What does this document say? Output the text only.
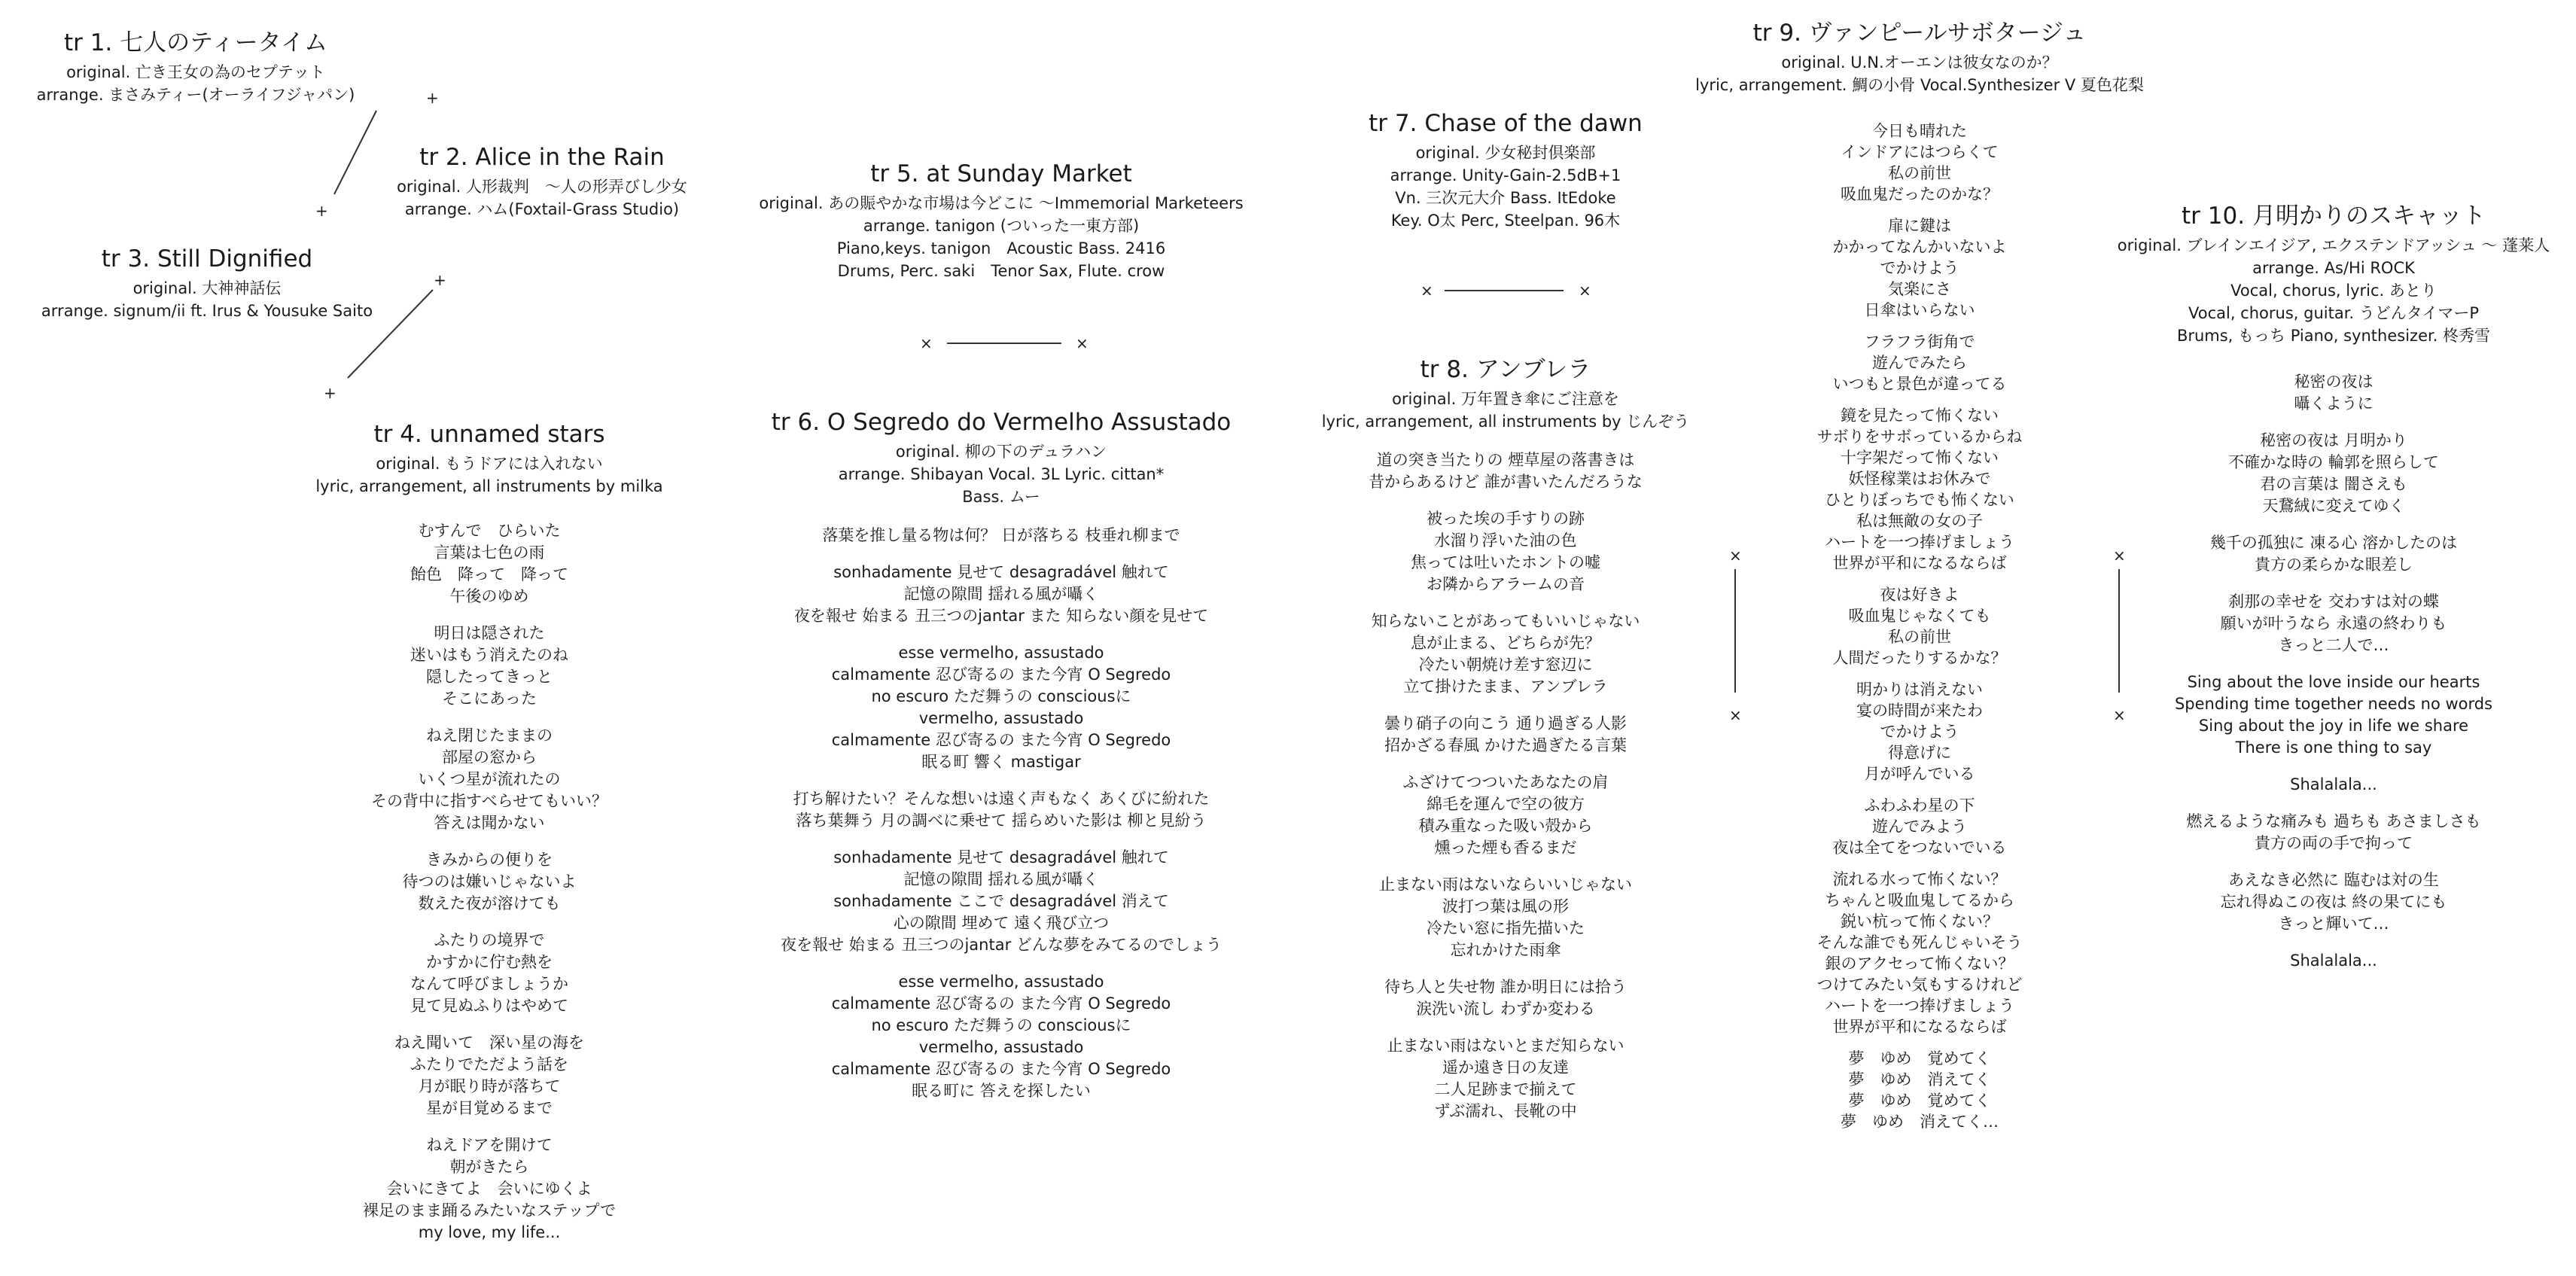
+
+
+
+
×	×
×	×
×
×
×
×
tr 1. 七人のティータイム
original. 亡き王女の為のセプテット
arrange. まさみティー(オーライフジャパン)
tr 2. Alice in the Rain
original. 人形裁判　～人の形弄びし少女
arrange. ハム(Foxtail-Grass Studio)
tr 3. Still Dignified
original. 大神神話伝
arrange. signum/ii ft. Irus & Yousuke Saito
tr 4. unnamed stars
original. もうドアには入れない
lyric, arrangement, all instruments by milka
むすんで　ひらいた
言葉は七色の雨
飴色　降って　降って
午後のゆめ
明日は隠された
迷いはもう消えたのね
隠したってきっと
そこにあった
ねえ閉じたままの
部屋の窓から
いくつ星が流れたの
その背中に指すべらせてもいい？
答えは聞かない
きみからの便りを
待つのは嫌いじゃないよ
数えた夜が溶けても
ふたりの境界で
かすかに佇む熱を
なんて呼びましょうか
見て見ぬふりはやめて
ねえ聞いて　深い星の海を
ふたりでただよう話を
月が眠り時が落ちて
星が目覚めるまで
ねえドアを開けて
朝がきたら
会いにきてよ　会いにゆくよ
裸足のまま踊るみたいなステップで
my love, my life...
tr 5. at Sunday Market
original. あの賑やかな市場は今どこに ～Immemorial Marketeers
arrange. tanigon (ついった一東方部)
Piano,keys. tanigon　Acoustic Bass. 2416
Drums, Perc. saki　Tenor Sax, Flute. crow
tr 6. O Segredo do Vermelho Assustado
original. 柳の下のデュラハン
arrange. Shibayan Vocal. 3L Lyric. cittan*
Bass. ムー
落葉を推し量る物は何？ 日が落ちる 枝垂れ柳まで
sonhadamente 見せて desagradável 触れて
記憶の隙間 揺れる風が囁く
夜を報せ 始まる 丑三つのjantar また 知らない顔を見せて
esse vermelho, assustado
calmamente 忍び寄るの また今宵 O Segredo
no escuro ただ舞うの consciousに
vermelho, assustado
calmamente 忍び寄るの また今宵 O Segredo
眠る町 響く mastigar
打ち解けたい？そんな想いは遠く声もなく あくびに紛れた
落ち葉舞う 月の調べに乗せて 揺らめいた影は 柳と見紛う
sonhadamente 見せて desagradável 触れて
記憶の隙間 揺れる風が囁く
sonhadamente ここで desagradável 消えて
心の隙間 埋めて 遠く飛び立つ
夜を報せ 始まる 丑三つのjantar どんな夢をみてるのでしょう
esse vermelho, assustado
calmamente 忍び寄るの また今宵 O Segredo
no escuro ただ舞うの consciousに
vermelho, assustado
calmamente 忍び寄るの また今宵 O Segredo
眠る町に 答えを探したい
tr 7. Chase of the dawn
original. 少女秘封倶楽部
arrange. Unity-Gain-2.5dB+1
Vn. 三次元大介 Bass. ItEdoke
Key. O太 Perc, Steelpan. 96木
tr 8. アンブレラ
original. 万年置き傘にご注意を
lyric, arrangement, all instruments by じんぞう
道の突き当たりの 煙草屋の落書きは
昔からあるけど 誰が書いたんだろうな
被った埃の手すりの跡
水溜り浮いた油の色
焦っては吐いたホントの嘘
お隣からアラームの音
知らないことがあってもいいじゃない
息が止まる、どちらが先？
冷たい朝焼け差す窓辺に
立て掛けたまま、アンブレラ
曇り硝子の向こう 通り過ぎる人影
招かざる春風 かけた過ぎたる言葉
ふざけてつついたあなたの肩
綿毛を運んで空の彼方
積み重なった吸い殻から
燻った煙も香るまだ
止まない雨はないならいいじゃない
波打つ葉は風の形
冷たい窓に指先描いた
忘れかけた雨傘
待ち人と失せ物 誰か明日には拾う
涙洗い流し わずか変わる
止まない雨はないとまだ知らない
遥か遠き日の友達
二人足跡まで揃えて
ずぶ濡れ、長靴の中
tr 9. ヴァンピールサボタージュ
original. U.N.オーエンは彼女なのか？
lyric, arrangement. 鯛の小骨 Vocal.Synthesizer V 夏色花梨
今日も晴れた
インドアにはつらくて
私の前世
吸血鬼だったのかな？
扉に鍵は
かかってなんかいないよ
でかけよう
気楽にさ
日傘はいらない
フラフラ街角で
遊んでみたら
いつもと景色が違ってる
鏡を見たって怖くない
サボりをサボっているからね
十字架だって怖くない
妖怪稼業はお休みで
ひとりぼっちでも怖くない
私は無敵の女の子
ハートを一つ捧げましょう
世界が平和になるならば
夜は好きよ
吸血鬼じゃなくても
私の前世
人間だったりするかな？
明かりは消えない
宴の時間が来たわ
でかけよう
得意げに
月が呼んでいる
ふわふわ星の下
遊んでみよう
夜は全てをつないでいる
流れる水って怖くない？
ちゃんと吸血鬼してるから
鋭い杭って怖くない？
そんな誰でも死んじゃいそう
銀のアクセって怖くない？
つけてみたい気もするけれど
ハートを一つ捧げましょう
世界が平和になるならば
夢　ゆめ　覚めてく
夢　ゆめ　消えてく
夢　ゆめ　覚めてく
夢　ゆめ　消えてく…
tr 10. 月明かりのスキャット
original. ブレインエイジア, エクステンドアッシュ ～ 蓬莱人
arrange. As/Hi ROCK
Vocal, chorus, lyric. あとり
Vocal, chorus, guitar. うどんタイマーP
Brums, もっち Piano, synthesizer. 柊秀雪
秘密の夜は
囁くように
秘密の夜は 月明かり
不確かな時の 輪郭を照らして
君の言葉は 闇さえも
天鵞絨に変えてゆく
幾千の孤独に 凍る心 溶かしたのは
貴方の柔らかな眼差し
刹那の幸せを 交わすは対の蝶
願いが叶うなら 永遠の終わりも
きっと二人で…
Sing about the love inside our hearts
Spending time together needs no words
Sing about the joy in life we share
There is one thing to say
Shalalala...
燃えるような痛みも 過ちも あさましさも
貴方の両の手で拘って
あえなき必然に 臨むは対の生
忘れ得ぬこの夜は 終の果てにも
きっと輝いて…
Shalalala...
